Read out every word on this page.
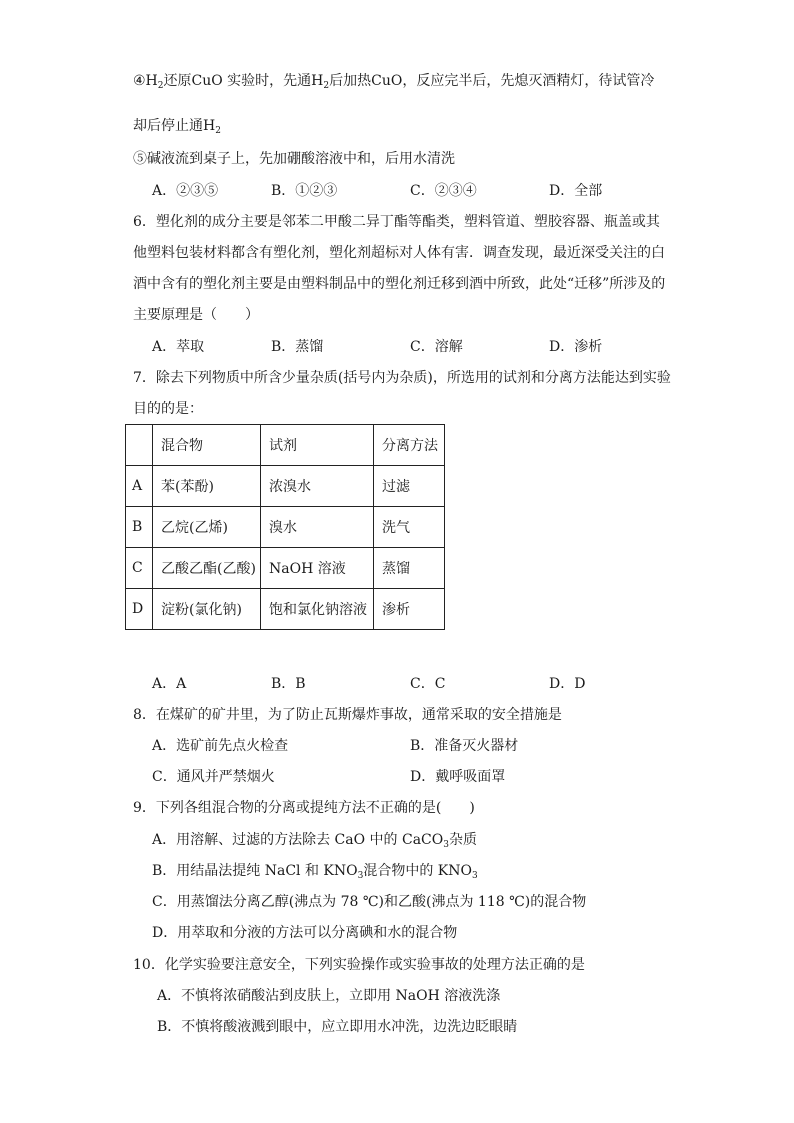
$④H_2$还原CuO 实验时，先通$H_2$后加热CuO，反应完半后，先熄灭酒精灯，待试管冷
却后停止通$H_2$
⑤碱液流到桌子上，先加硼酸溶液中和，后用水清洗
A．②③⑤	B．①②③	C．②③④	D．全部
6．塑化剂的成分主要是邻苯二甲酸二异丁酯等酯类，塑料管道、塑胶容器、瓶盖或其
他塑料包装材料都含有塑化剂，塑化剂超标对人体有害．调查发现，最近深受关注的白
酒中含有的塑化剂主要是由塑料制品中的塑化剂迁移到酒中所致，此处“迁移”所涉及的
主要原理是（　　）
A．萃取	B．蒸馏	C．溶解	D．渗析
7．除去下列物质中所含少量杂质(括号内为杂质)，所选用的试剂和分离方法能达到实验
目的的是：
	混合物	试剂	分离方法
A	苯(苯酚)	浓溴水	过滤
B	乙烷(乙烯)	溴水	洗气
C	乙酸乙酯(乙酸)	NaOH 溶液	蒸馏
D	淀粉(氯化钠)	饱和氯化钠溶液	渗析
A．A	B．B	C．C	D．D
8．在煤矿的矿井里，为了防止瓦斯爆炸事故，通常采取的安全措施是
A．选矿前先点火检查	B．准备灭火器材
C．通风并严禁烟火	D．戴呼吸面罩
9．下列各组混合物的分离或提纯方法不正确的是(　　)
A．用溶解、过滤的方法除去 CaO 中的 CaCO$_3$杂质
B．用结晶法提纯 NaCl 和 $KNO_3$混合物中的 $KNO_3$
C．用蒸馏法分离乙醇(沸点为 78 ℃)和乙酸(沸点为 118 ℃)的混合物
D．用萃取和分液的方法可以分离碘和水的混合物
10．化学实验要注意安全，下列实验操作或实验事故的处理方法正确的是
A．不慎将浓硝酸沾到皮肤上，立即用 NaOH 溶液洗涤
B．不慎将酸液溅到眼中，应立即用水冲洗，边洗边眨眼睛
